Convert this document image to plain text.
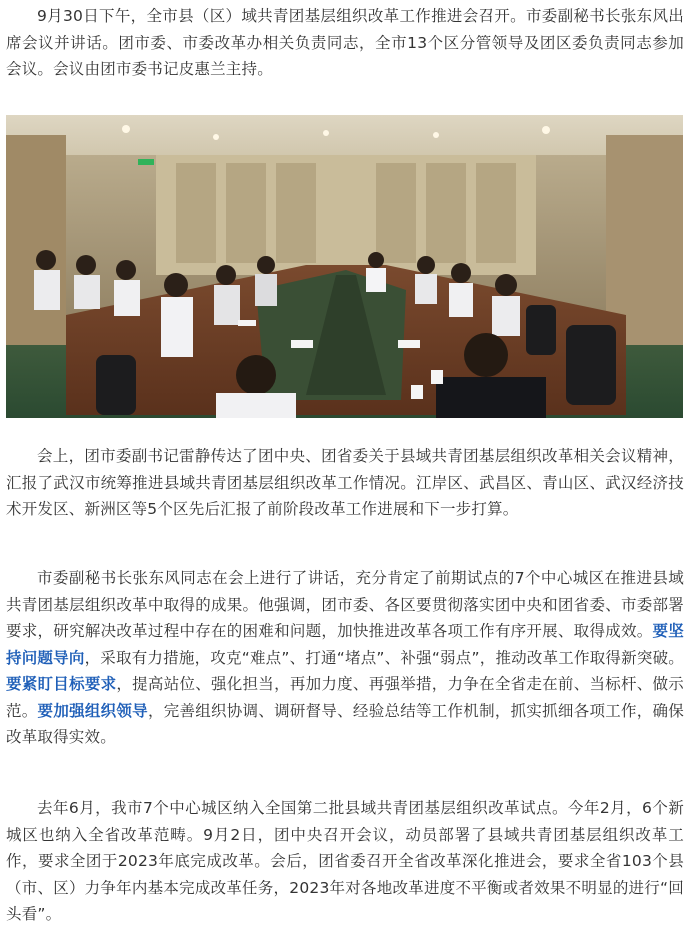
9月30日下午，全市县（区）域共青团基层组织改革工作推进会召开。市委副秘书长张东风出席会议并讲话。团市委、市委改革办相关负责同志，全市13个区分管领导及团区委负责同志参加会议。会议由团市委书记皮惠兰主持。

会上，团市委副书记雷静传达了团中央、团省委关于县域共青团基层组织改革相关会议精神，汇报了武汉市统筹推进县域共青团基层组织改革工作情况。江岸区、武昌区、青山区、武汉经济技术开发区、新洲区等5个区先后汇报了前阶段改革工作进展和下一步打算。

市委副秘书长张东风同志在会上进行了讲话，充分肯定了前期试点的7个中心城区在推进县域共青团基层组织改革中取得的成果。他强调，团市委、各区要贯彻落实团中央和团省委、市委部署要求，研究解决改革过程中存在的困难和问题，加快推进改革各项工作有序开展、取得成效。要坚持问题导向，采取有力措施，攻克“难点”、打通“堵点”、补强“弱点”，推动改革工作取得新突破。要紧盯目标要求，提高站位、强化担当，再加力度、再强举措，力争在全省走在前、当标杆、做示范。要加强组织领导，完善组织协调、调研督导、经验总结等工作机制，抓实抓细各项工作，确保改革取得实效。

去年6月，我市7个中心城区纳入全国第二批县域共青团基层组织改革试点。今年2月，6个新城区也纳入全省改革范畴。9月2日，团中央召开会议，动员部署了县域共青团基层组织改革工作，要求全团于2023年底完成改革。会后，团省委召开全省改革深化推进会，要求全省103个县（市、区）力争年内基本完成改革任务，2023年对各地改革进度不平衡或者效果不明显的进行“回头看”。
